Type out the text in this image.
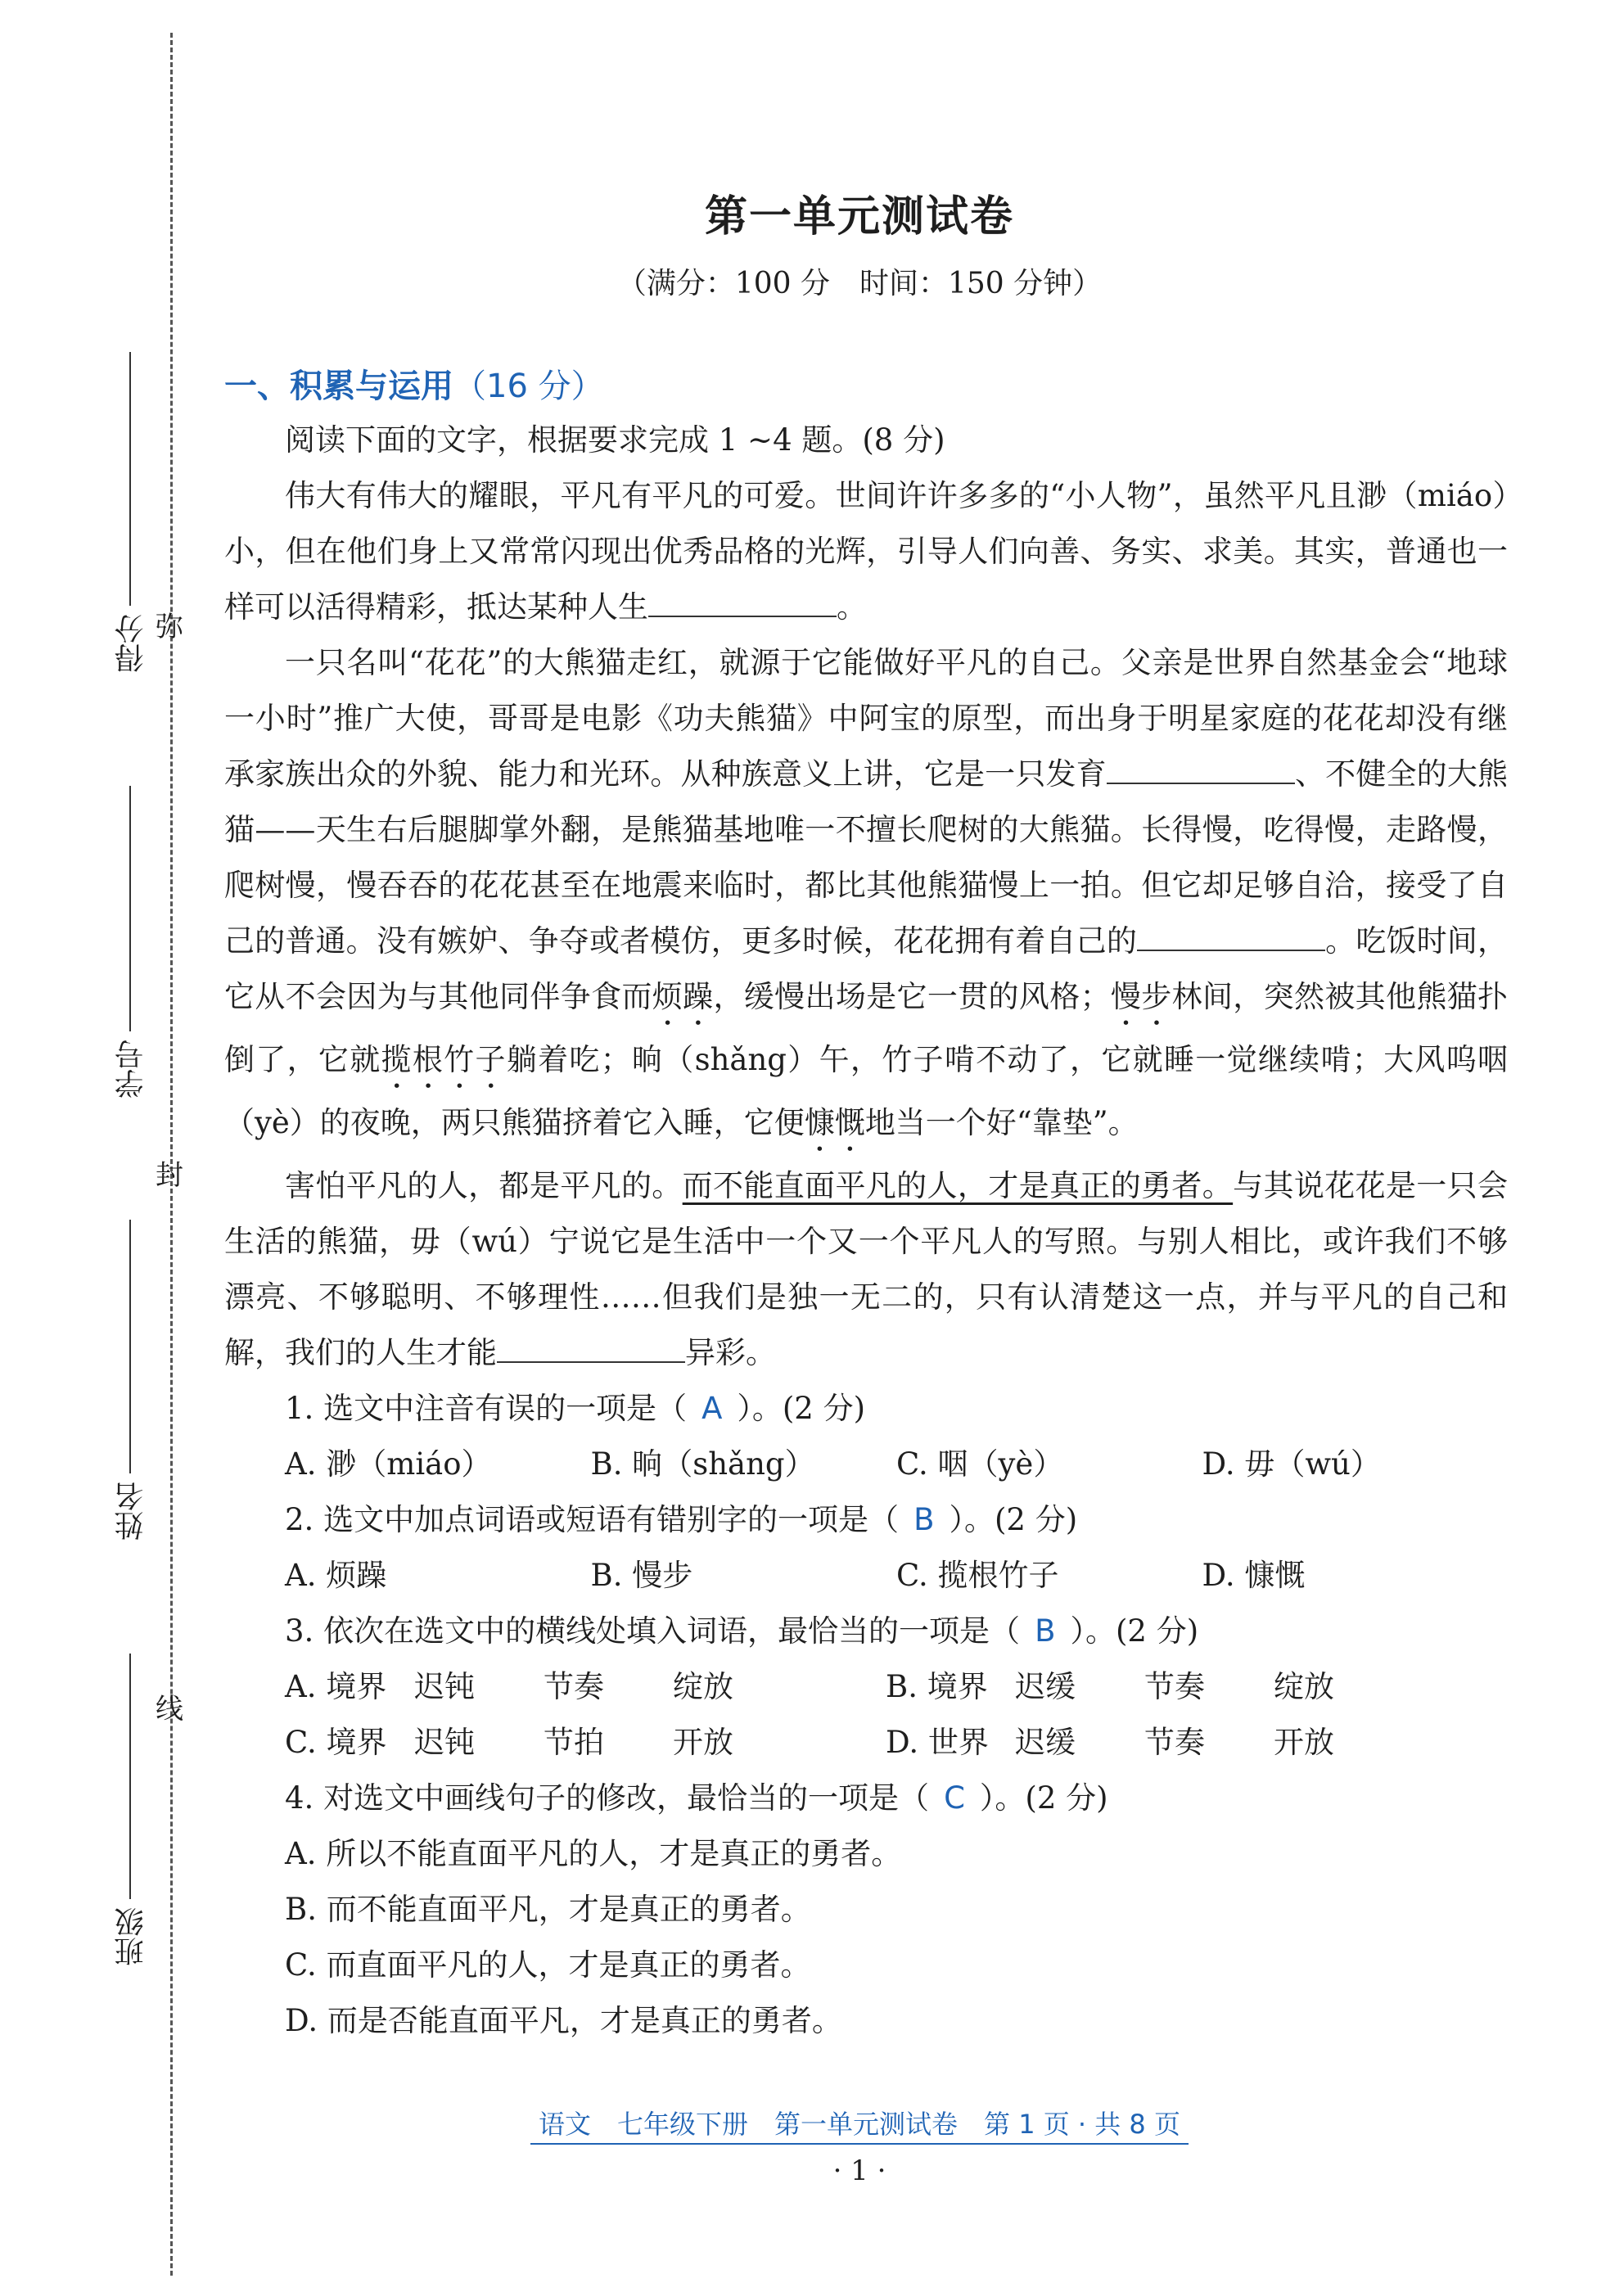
得分
学号
姓名
班级
弥
封
线
第一单元测试卷
（满分：100 分　时间：150 分钟）
一、积累与运用（16 分）

阅读下面的文字，根据要求完成 1 ~4 题。(8 分)

伟大有伟大的耀眼，平凡有平凡的可爱。世间许许多多的“小人物”，虽然平凡且渺（miáo）小，但在他们身上又常常闪现出优秀品格的光辉，引导人们向善、务实、求美。其实，普通也一样可以活得精彩，抵达某种人生	。

一只名叫“花花”的大熊猫走红，就源于它能做好平凡的自己。父亲是世界自然基金会“地球一小时”推广大使，哥哥是电影《功夫熊猫》中阿宝的原型，而出身于明星家庭的花花却没有继承家族出众的外貌、能力和光环。从种族意义上讲，它是一只发育	、不健全的大熊猫——天生右后腿脚掌外翻，是熊猫基地唯一不擅长爬树的大熊猫。长得慢，吃得慢，走路慢，爬树慢，慢吞吞的花花甚至在地震来临时，都比其他熊猫慢上一拍。但它却足够自洽，接受了自己的普通。没有嫉妒、争夺或者模仿，更多时候，花花拥有着自己的	。吃饭时间，它从不会因为与其他同伴争食而烦躁，缓慢出场是它一贯的风格；慢步林间，突然被其他熊猫扑倒了，它就揽根竹子躺着吃；晌（shǎng）午，竹子啃不动了，它就睡一觉继续啃；大风呜咽（yè）的夜晚，两只熊猫挤着它入睡，它便慷慨地当一个好“靠垫”。

害怕平凡的人，都是平凡的。而不能直面平凡的人，才是真正的勇者。与其说花花是一只会生活的熊猫，毋（wú）宁说它是生活中一个又一个平凡人的写照。与别人相比，或许我们不够漂亮、不够聪明、不够理性……但我们是独一无二的，只有认清楚这一点，并与平凡的自己和解，我们的人生才能	异彩。

1. 选文中注音有误的一项是（ A ）。(2 分)

A. 渺（miáo）	B. 晌（shǎng）	C. 咽（yè）	D. 毋（wú）

2. 选文中加点词语或短语有错别字的一项是（ B ）。(2 分)

A. 烦躁	B. 慢步	C. 揽根竹子	D. 慷慨

3. 依次在选文中的横线处填入词语，最恰当的一项是（ B ）。(2 分)

A. 境界 迟钝	节奏	绽放	B. 境界 迟缓	节奏	绽放
C. 境界 迟钝	节拍	开放	D. 世界 迟缓	节奏	开放

4. 对选文中画线句子的修改，最恰当的一项是（ C ）。(2 分)

A. 所以不能直面平凡的人，才是真正的勇者。

B. 而不能直面平凡，才是真正的勇者。

C. 而直面平凡的人，才是真正的勇者。

D. 而是否能直面平凡，才是真正的勇者。

语文　七年级下册　第一单元测试卷　第 1 页 · 共 8 页
· 1 ·
